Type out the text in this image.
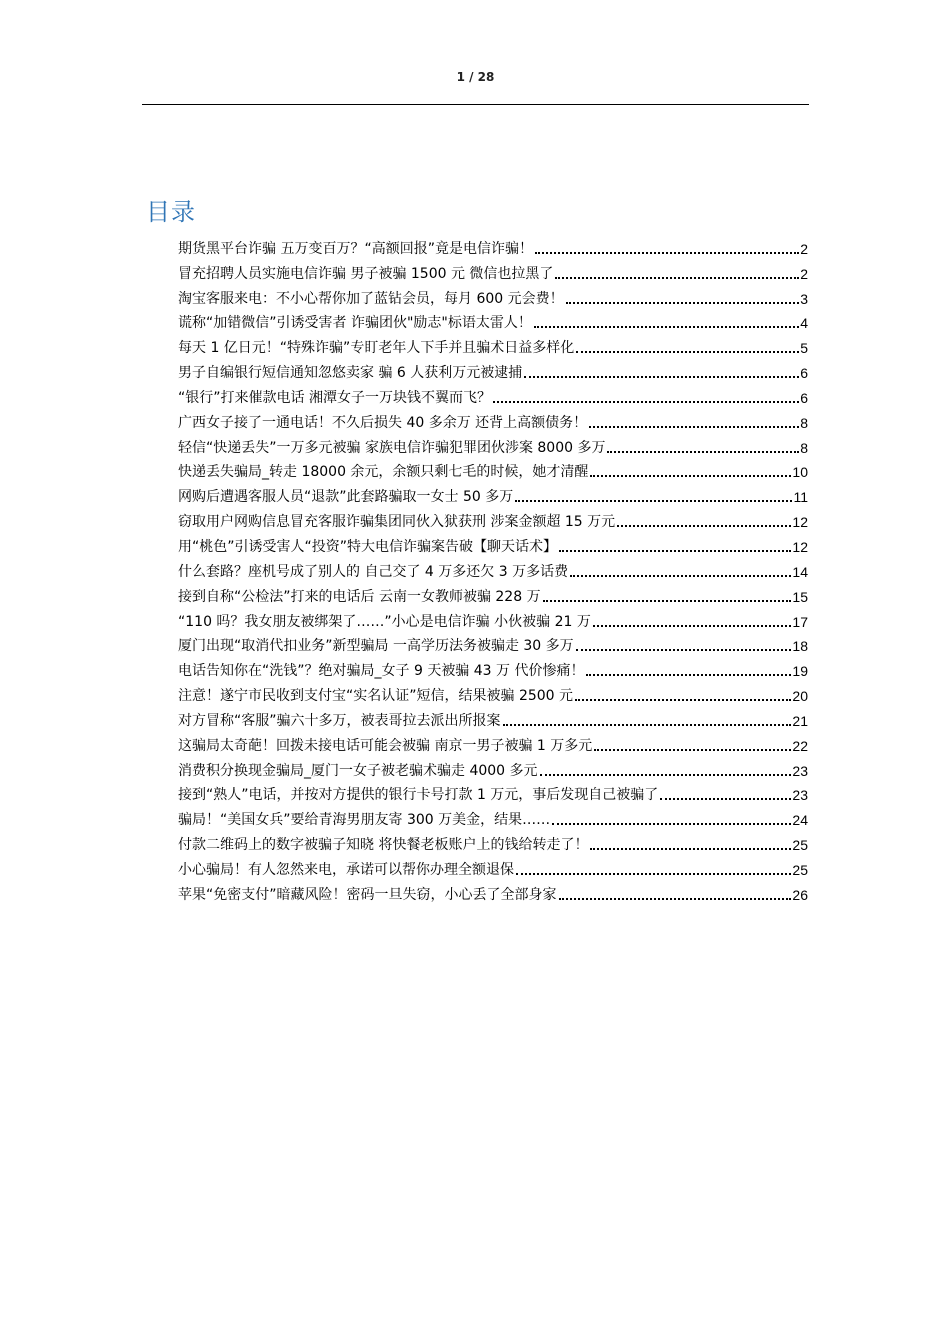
1 / 28
目录
期货黑平台诈骗 五万变百万？“高额回报”竟是电信诈骗！	2
冒充招聘人员实施电信诈骗 男子被骗 1500 元 微信也拉黑了	2
淘宝客服来电：不小心帮你加了蓝钻会员，每月 600 元会费！	3
谎称“加错微信”引诱受害者 诈骗团伙"励志"标语太雷人！	4
每天 1 亿日元！“特殊诈骗”专盯老年人下手并且骗术日益多样化	5
男子自编银行短信通知忽悠卖家 骗 6 人获利万元被逮捕	6
“银行”打来催款电话 湘潭女子一万块钱不翼而飞？	6
广西女子接了一通电话！不久后损失 40 多余万 还背上高额债务！	8
轻信“快递丢失”一万多元被骗 家族电信诈骗犯罪团伙涉案 8000 多万	8
快递丢失骗局_转走 18000 余元，余额只剩七毛的时候，她才清醒	10
网购后遭遇客服人员“退款”此套路骗取一女士 50 多万	11
窃取用户网购信息冒充客服诈骗集团同伙入狱获刑 涉案金额超 15 万元	12
用“桃色”引诱受害人“投资”特大电信诈骗案告破【聊天话术】	12
什么套路？座机号成了别人的 自己交了 4 万多还欠 3 万多话费	14
接到自称“公检法”打来的电话后 云南一女教师被骗 228 万	15
“110 吗？我女朋友被绑架了……”小心是电信诈骗 小伙被骗 21 万	17
厦门出现“取消代扣业务”新型骗局 一高学历法务被骗走 30 多万	18
电话告知你在“洗钱”？绝对骗局_女子 9 天被骗 43 万 代价惨痛！	19
注意！遂宁市民收到支付宝“实名认证”短信，结果被骗 2500 元	20
对方冒称“客服”骗六十多万，被表哥拉去派出所报案	21
这骗局太奇葩！回拨未接电话可能会被骗 南京一男子被骗 1 万多元	22
消费积分换现金骗局_厦门一女子被老骗术骗走 4000 多元	23
接到“熟人”电话，并按对方提供的银行卡号打款 1 万元，事后发现自己被骗了	23
骗局！“美国女兵”要给青海男朋友寄 300 万美金，结果……	24
付款二维码上的数字被骗子知晓 将快餐老板账户上的钱给转走了！	25
小心骗局！有人忽然来电，承诺可以帮你办理全额退保	25
苹果“免密支付”暗藏风险！密码一旦失窃，小心丢了全部身家	26
